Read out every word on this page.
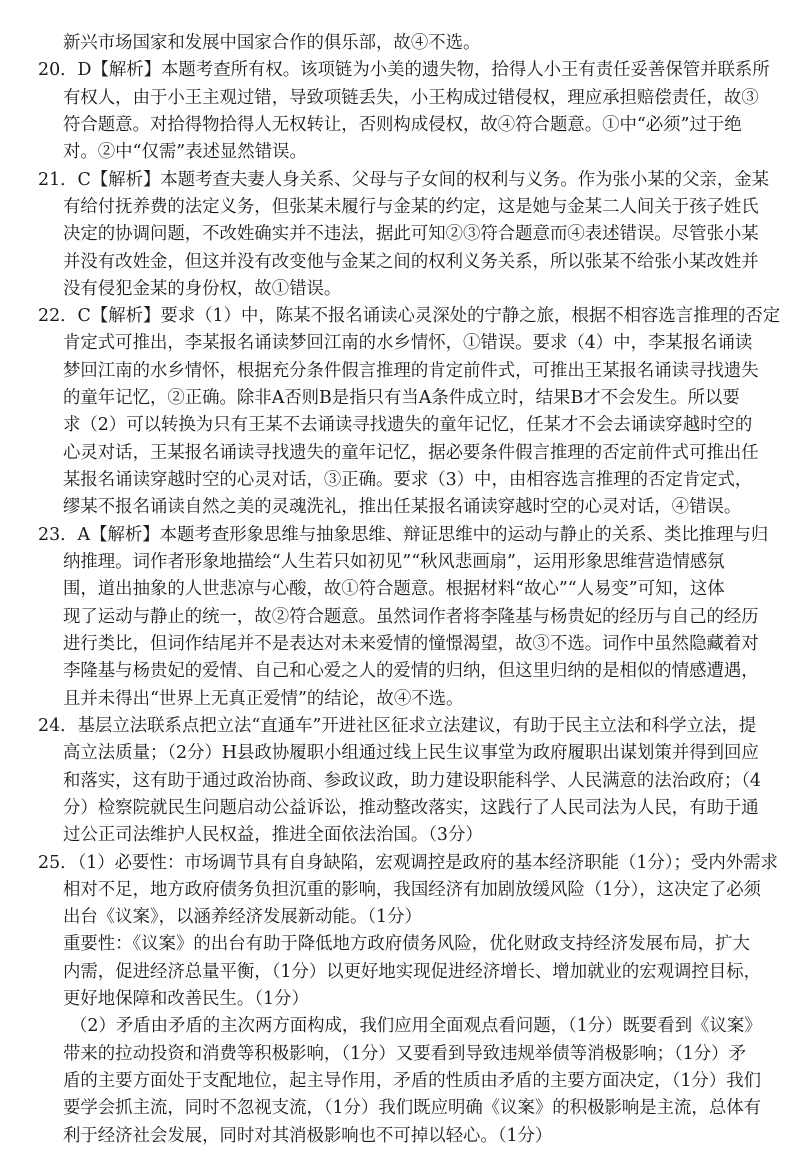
新兴市场国家和发展中国家合作的俱乐部，故④不选。
20．D【解析】本题考查所有权。该项链为小美的遗失物，拾得人小王有责任妥善保管并联系所
有权人，由于小王主观过错，导致项链丢失，小王构成过错侵权，理应承担赔偿责任，故③
符合题意。对拾得物拾得人无权转让，否则构成侵权，故④符合题意。①中“必须”过于绝
对。②中“仅需”表述显然错误。
21．C【解析】本题考查夫妻人身关系、父母与子女间的权利与义务。作为张小某的父亲，金某
有给付抚养费的法定义务，但张某未履行与金某的约定，这是她与金某二人间关于孩子姓氏
决定的协调问题，不改姓确实并不违法，据此可知②③符合题意而④表述错误。尽管张小某
并没有改姓金，但这并没有改变他与金某之间的权利义务关系，所以张某不给张小某改姓并
没有侵犯金某的身份权，故①错误。
22．C【解析】要求（1）中，陈某不报名诵读心灵深处的宁静之旅，根据不相容选言推理的否定
肯定式可推出，李某报名诵读梦回江南的水乡情怀，①错误。要求（4）中，李某报名诵读
梦回江南的水乡情怀，根据充分条件假言推理的肯定前件式，可推出王某报名诵读寻找遗失
的童年记忆，②正确。除非A否则B是指只有当A条件成立时，结果B才不会发生。所以要
求（2）可以转换为只有王某不去诵读寻找遗失的童年记忆，任某才不会去诵读穿越时空的
心灵对话，王某报名诵读寻找遗失的童年记忆，据必要条件假言推理的否定前件式可推出任
某报名诵读穿越时空的心灵对话，③正确。要求（3）中，由相容选言推理的否定肯定式，
缪某不报名诵读自然之美的灵魂洗礼，推出任某报名诵读穿越时空的心灵对话，④错误。
23．A【解析】本题考查形象思维与抽象思维、辩证思维中的运动与静止的关系、类比推理与归
纳推理。词作者形象地描绘“人生若只如初见”“秋风悲画扇”，运用形象思维营造情感氛
围，道出抽象的人世悲凉与心酸，故①符合题意。根据材料“故心”“人易变”可知，这体
现了运动与静止的统一，故②符合题意。虽然词作者将李隆基与杨贵妃的经历与自己的经历
进行类比，但词作结尾并不是表达对未来爱情的憧憬渴望，故③不选。词作中虽然隐藏着对
李隆基与杨贵妃的爱情、自己和心爱之人的爱情的归纳，但这里归纳的是相似的情感遭遇，
且并未得出“世界上无真正爱情”的结论，故④不选。
24．基层立法联系点把立法“直通车”开进社区征求立法建议，有助于民主立法和科学立法，提
高立法质量；（2分）H县政协履职小组通过线上民生议事堂为政府履职出谋划策并得到回应
和落实，这有助于通过政治协商、参政议政，助力建设职能科学、人民满意的法治政府；（4
分）检察院就民生问题启动公益诉讼，推动整改落实，这践行了人民司法为人民，有助于通
过公正司法维护人民权益，推进全面依法治国。（3分）
25．（1）必要性：市场调节具有自身缺陷，宏观调控是政府的基本经济职能（1分）；受内外需求
相对不足，地方政府债务负担沉重的影响，我国经济有加剧放缓风险（1分），这决定了必须
出台《议案》，以涵养经济发展新动能。（1分）
重要性：《议案》的出台有助于降低地方政府债务风险，优化财政支持经济发展布局，扩大
内需，促进经济总量平衡，（1分）以更好地实现促进经济增长、增加就业的宏观调控目标，
更好地保障和改善民生。（1分）
（2）矛盾由矛盾的主次两方面构成，我们应用全面观点看问题，（1分）既要看到《议案》
带来的拉动投资和消费等积极影响，（1分）又要看到导致违规举债等消极影响；（1分）矛
盾的主要方面处于支配地位，起主导作用，矛盾的性质由矛盾的主要方面决定，（1分）我们
要学会抓主流，同时不忽视支流，（1分）我们既应明确《议案》的积极影响是主流，总体有
利于经济社会发展，同时对其消极影响也不可掉以轻心。（1分）
